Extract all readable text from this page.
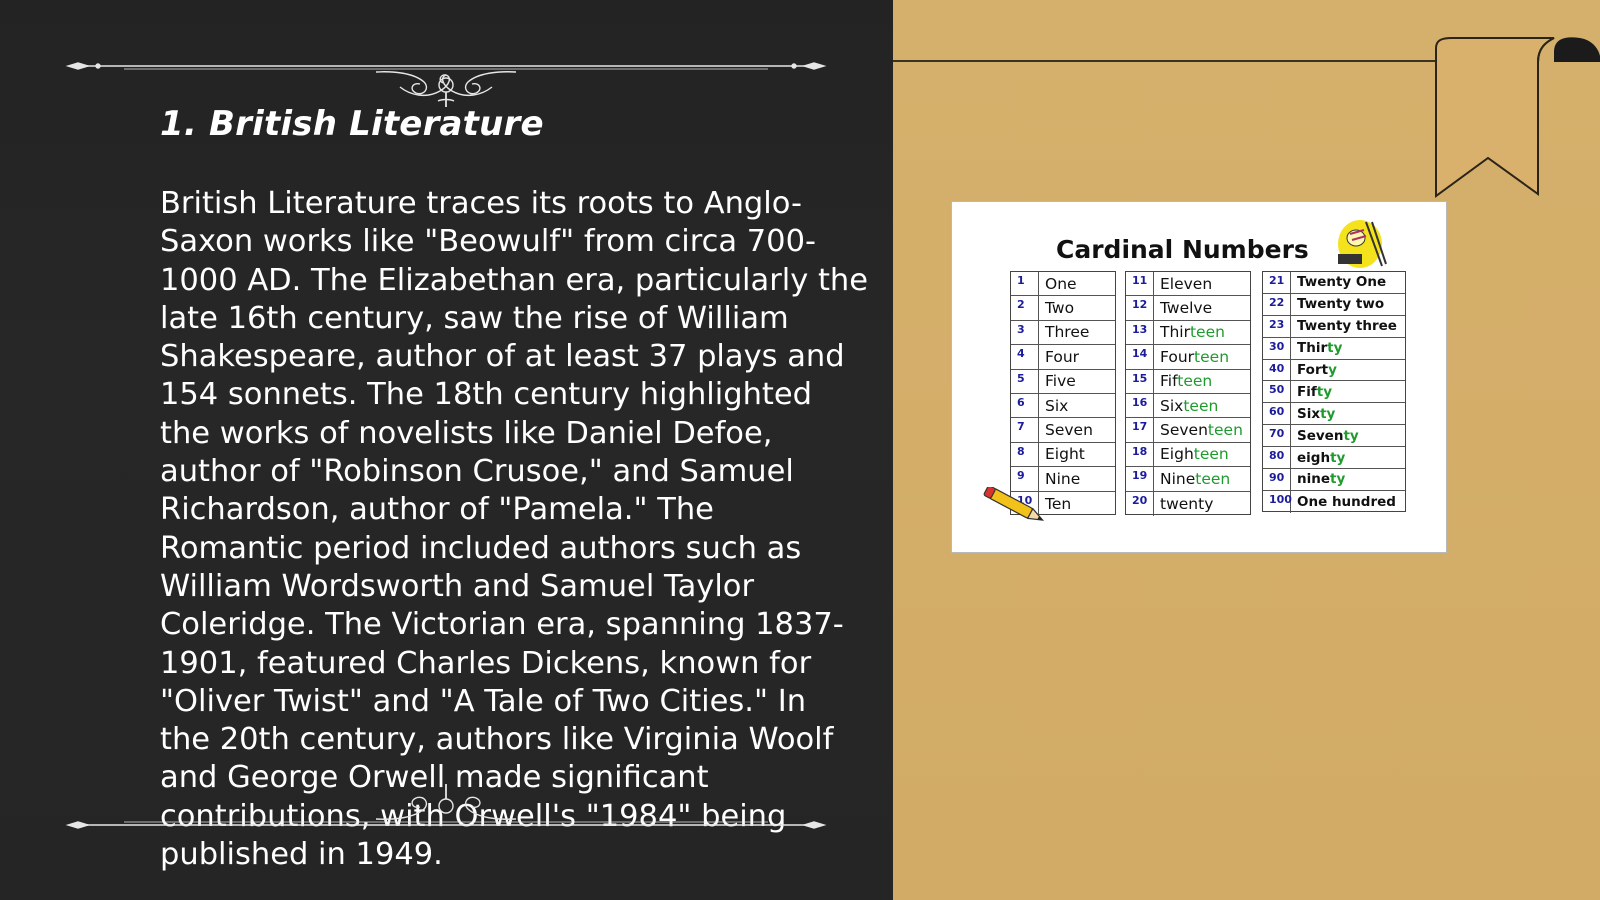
1. British Literature

British Literature traces its roots to Anglo-
Saxon works like "Beowulf" from circa 700-
1000 AD. The Elizabethan era, particularly the
late 16th century, saw the rise of William
Shakespeare, author of at least 37 plays and
154 sonnets. The 18th century highlighted
the works of novelists like Daniel Defoe,
author of "Robinson Crusoe," and Samuel
Richardson, author of "Pamela." The
Romantic period included authors such as
William Wordsworth and Samuel Taylor
Coleridge. The Victorian era, spanning 1837-
1901, featured Charles Dickens, known for
"Oliver Twist" and "A Tale of Two Cities." In
the 20th century, authors like Virginia Woolf
and George Orwell made significant
contributions, with Orwell's "1984" being
published in 1949.

Cardinal Numbers
1	One
2	Two
3	Three
4	Four
5	Five
6	Six
7	Seven
8	Eight
9	Nine
10 Ten
11 Eleven
12 Twelve
13 Thirteen
14 Fourteen
15 Fifteen
16 Sixteen
17 Seventeen
18 Eighteen
19 Nineteen
20 twenty
21 Twenty One
22 Twenty two
23 Twenty three
30 Thirty
40 Forty
50 Fifty
60 Sixty
70 Seventy
80 eighty
90 ninety
100 One hundred
